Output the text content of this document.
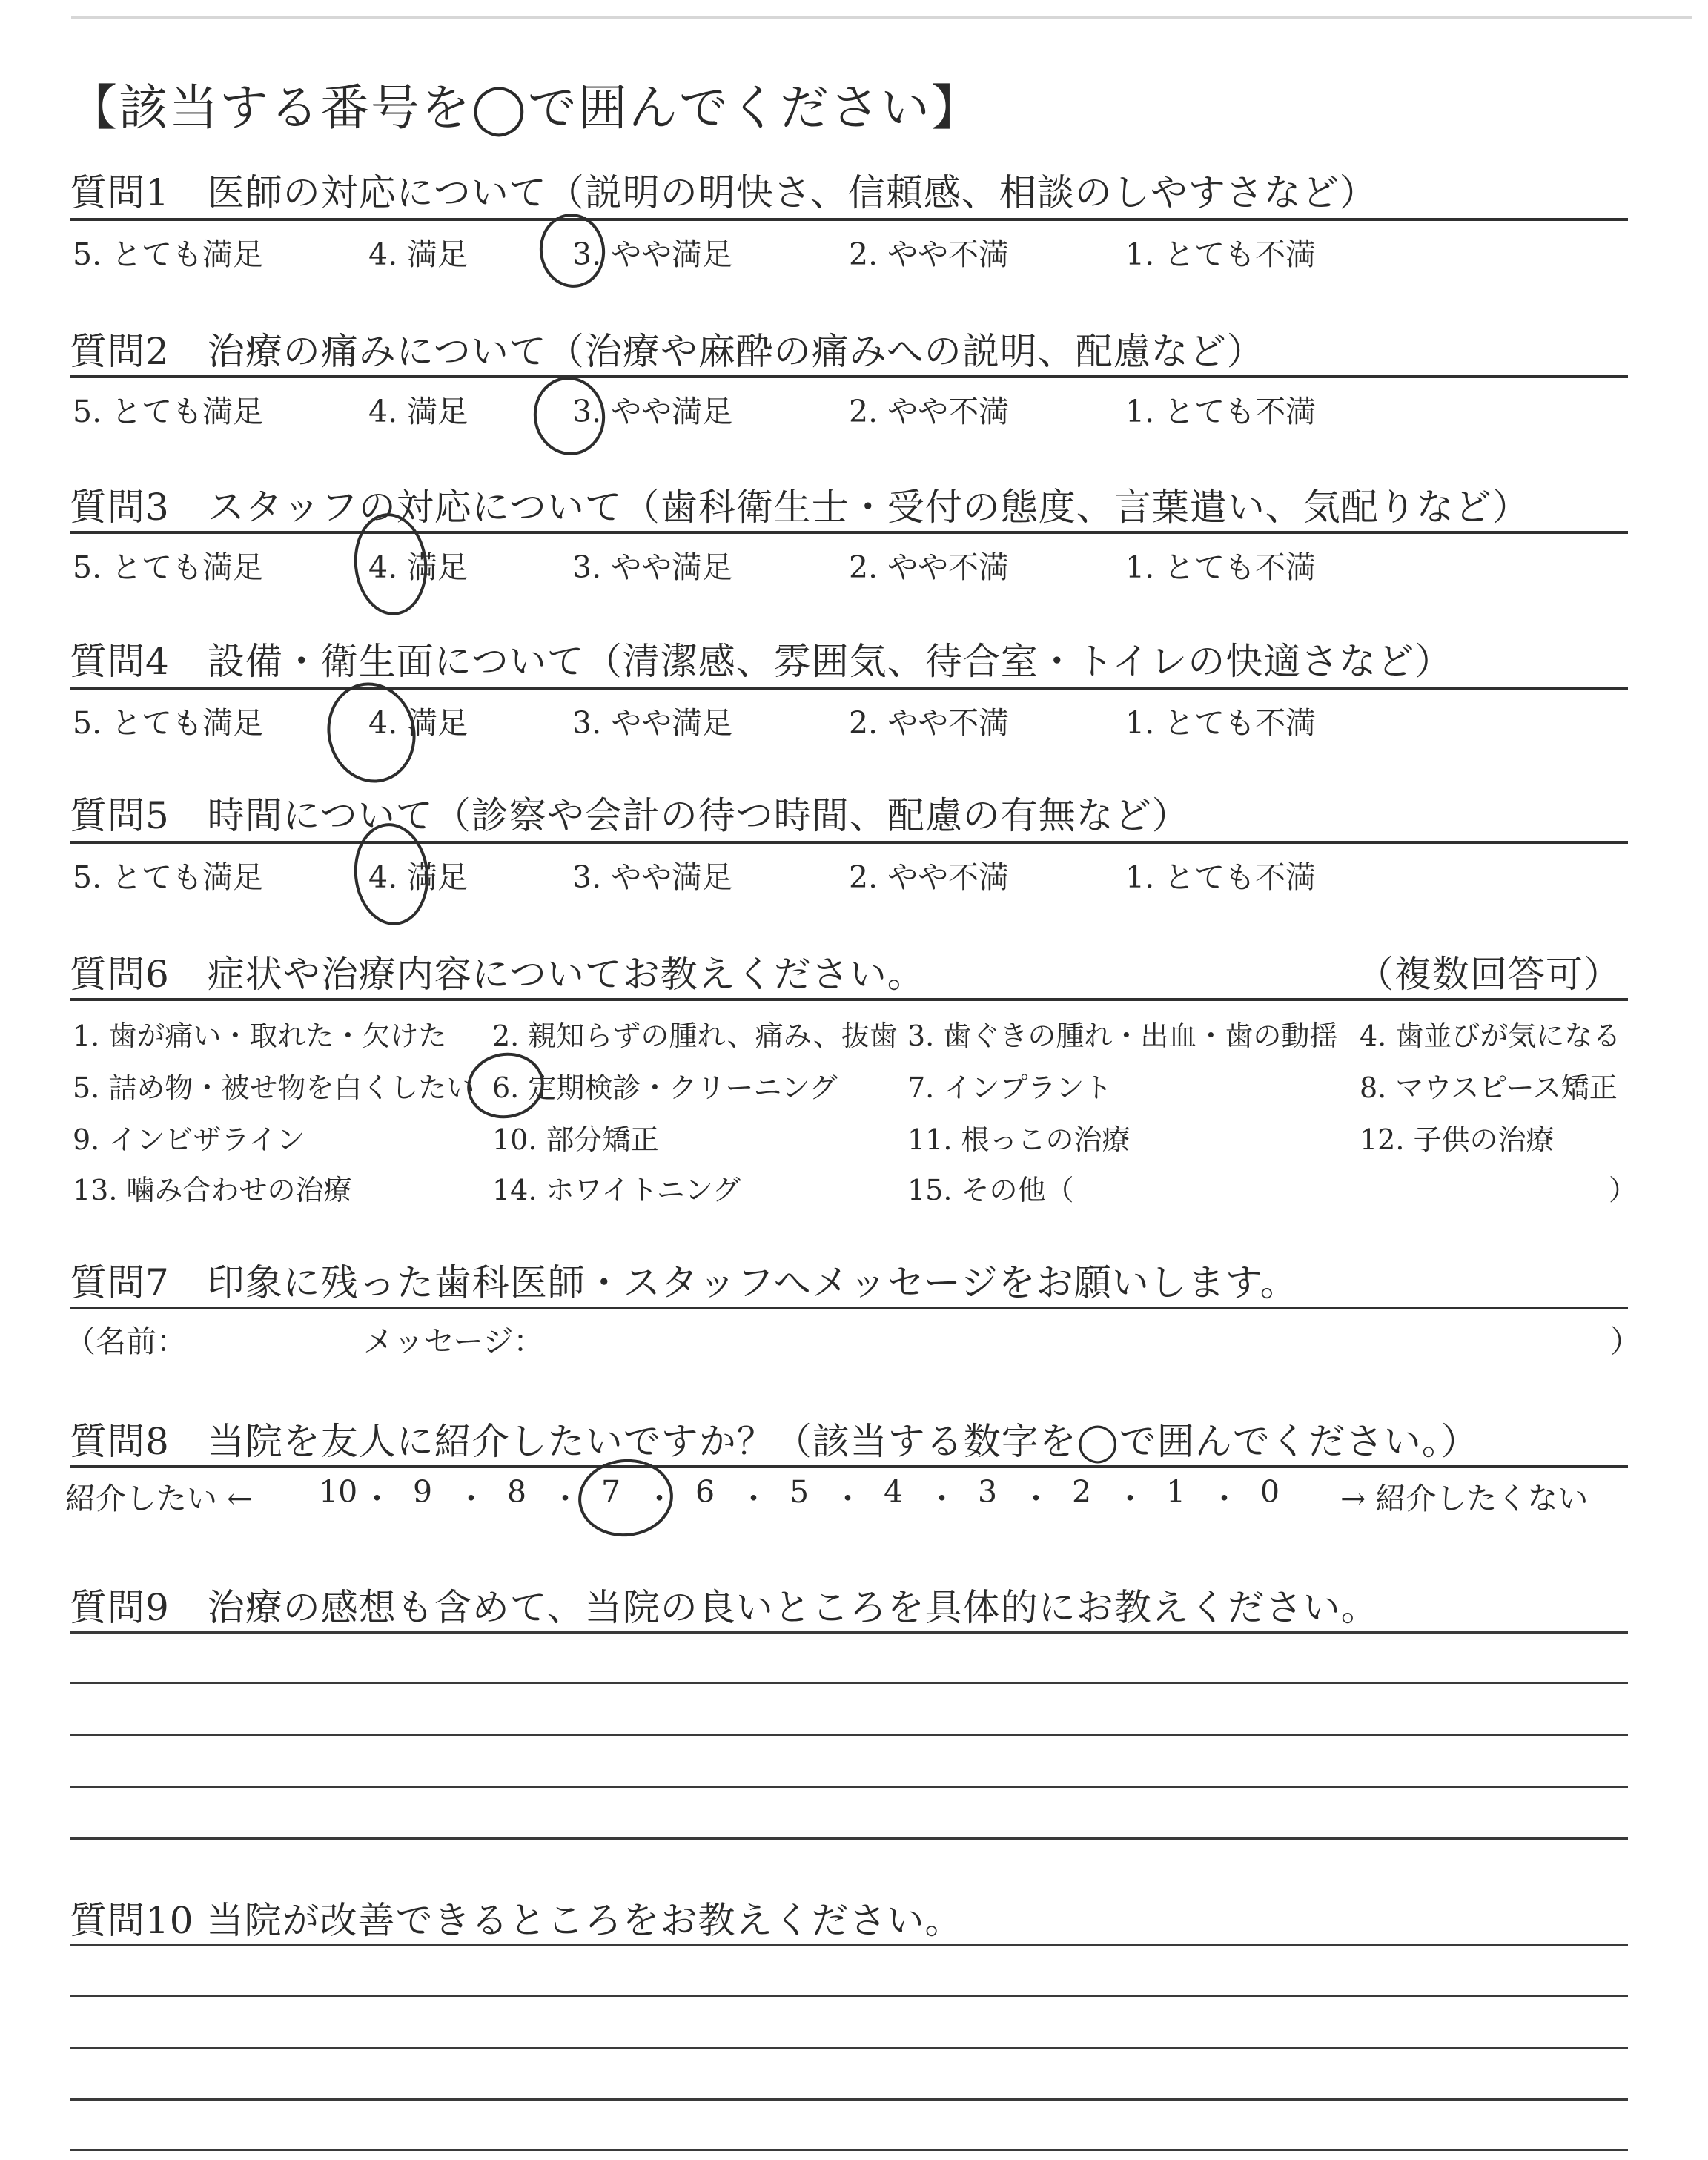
【該当する番号を◯で囲んでください】
質問1　医師の対応について（説明の明快さ、信頼感、相談のしやすさなど）
5. とても満足	4. 満足	3. やや満足	2. やや不満	1. とても不満
質問2　治療の痛みについて（治療や麻酔の痛みへの説明、配慮など）
5. とても満足	4. 満足	3. やや満足	2. やや不満	1. とても不満
質問3　スタッフの対応について（歯科衛生士・受付の態度、言葉遣い、気配りなど）
5. とても満足	4. 満足	3. やや満足	2. やや不満	1. とても不満
質問4　設備・衛生面について（清潔感、雰囲気、待合室・トイレの快適さなど）
5. とても満足	4. 満足	3. やや満足	2. やや不満	1. とても不満
質問5　時間について（診察や会計の待つ時間、配慮の有無など）
5. とても満足	4. 満足	3. やや満足	2. やや不満	1. とても不満
質問6　症状や治療内容についてお教えください。	（複数回答可）
1. 歯が痛い・取れた・欠けた 2. 親知らずの腫れ、痛み、抜歯 3. 歯ぐきの腫れ・出血・歯の動揺 4. 歯並びが気になる
5. 詰め物・被せ物を白くしたい 6. 定期検診・クリーニング 7. インプラント	8. マウスピース矯正
9. インビザライン	10. 部分矯正	11. 根っこの治療	12. 子供の治療
13. 噛み合わせの治療	14. ホワイトニング	15. その他（	）
質問7　印象に残った歯科医師・スタッフへメッセージをお願いします。
（名前：	メッセージ：	）
質問8　当院を友人に紹介したいですか？（該当する数字を◯で囲んでください。）
紹介したい ←	→ 紹介したくない
10 ・ 9 ・ 8 ・ 7 ・ 6 ・ 5 ・ 4 ・ 3 ・ 2 ・ 1 ・ 0
質問9　治療の感想も含めて、当院の良いところを具体的にお教えください。
質問10 当院が改善できるところをお教えください。
